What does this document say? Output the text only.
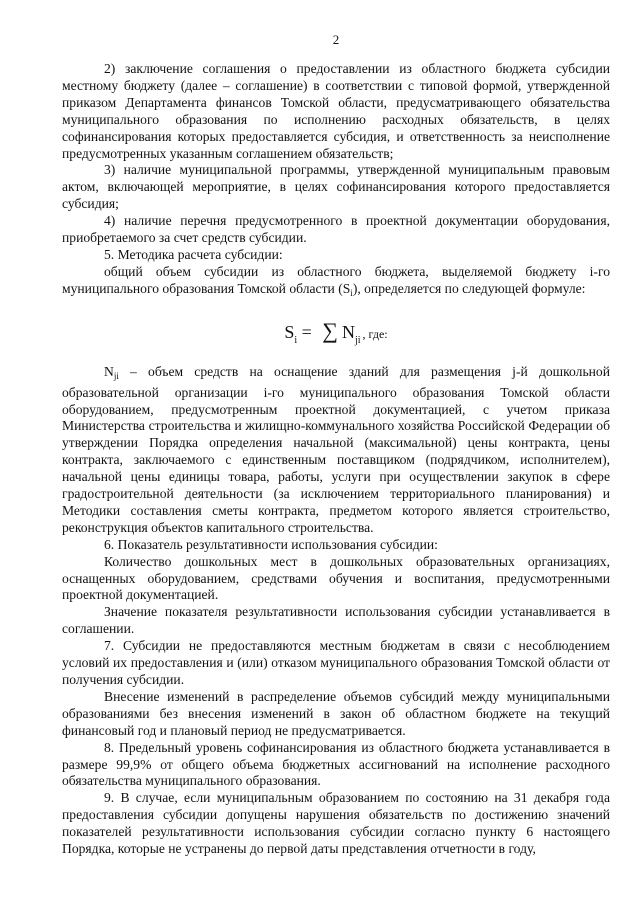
2

2) заключение соглашения о предоставлении из областного бюджета субсидии местному бюджету (далее – соглашение) в соответствии с типовой формой, утвержденной приказом Департамента финансов Томской области, предусматривающего обязательства муниципального образования по исполнению расходных обязательств, в целях софинансирования которых предоставляется субсидия, и ответственность за неисполнение предусмотренных указанным соглашением обязательств;

3) наличие муниципальной программы, утвержденной муниципальным правовым актом, включающей мероприятие, в целях софинансирования которого предоставляется субсидия;

4) наличие перечня предусмотренного в проектной документации оборудования, приобретаемого за счет средств субсидии.

5. Методика расчета субсидии:

общий объем субсидии из областного бюджета, выделяемой бюджету i-го муниципального образования Томской области $(S_i)$, определяется по следующей формуле:

$S_i$ = ∑ $N_{ji}$ , где:

$N_{ji}$ – объем средств на оснащение зданий для размещения j-й дошкольной образовательной организации i-го муниципального образования Томской области оборудованием, предусмотренным проектной документацией, с учетом приказа Министерства строительства и жилищно-коммунального хозяйства Российской Федерации об утверждении Порядка определения начальной (максимальной) цены контракта, цены контракта, заключаемого с единственным поставщиком (подрядчиком, исполнителем), начальной цены единицы товара, работы, услуги при осуществлении закупок в сфере градостроительной деятельности (за исключением территориального планирования) и Методики составления сметы контракта, предметом которого является строительство, реконструкция объектов капитального строительства.

6. Показатель результативности использования субсидии:

Количество дошкольных мест в дошкольных образовательных организациях, оснащенных оборудованием, средствами обучения и воспитания, предусмотренными проектной документацией.

Значение показателя результативности использования субсидии устанавливается в соглашении.

7. Субсидии не предоставляются местным бюджетам в связи с несоблюдением условий их предоставления и (или) отказом муниципального образования Томской области от получения субсидии.

Внесение изменений в распределение объемов субсидий между муниципальными образованиями без внесения изменений в закон об областном бюджете на текущий финансовый год и плановый период не предусматривается.

8. Предельный уровень софинансирования из областного бюджета устанавливается в размере 99,9% от общего объема бюджетных ассигнований на исполнение расходного обязательства муниципального образования.

9. В случае, если муниципальным образованием по состоянию на 31 декабря года предоставления субсидии допущены нарушения обязательств по достижению значений показателей результативности использования субсидии согласно пункту 6 настоящего Порядка, которые не устранены до первой даты представления отчетности в году,
